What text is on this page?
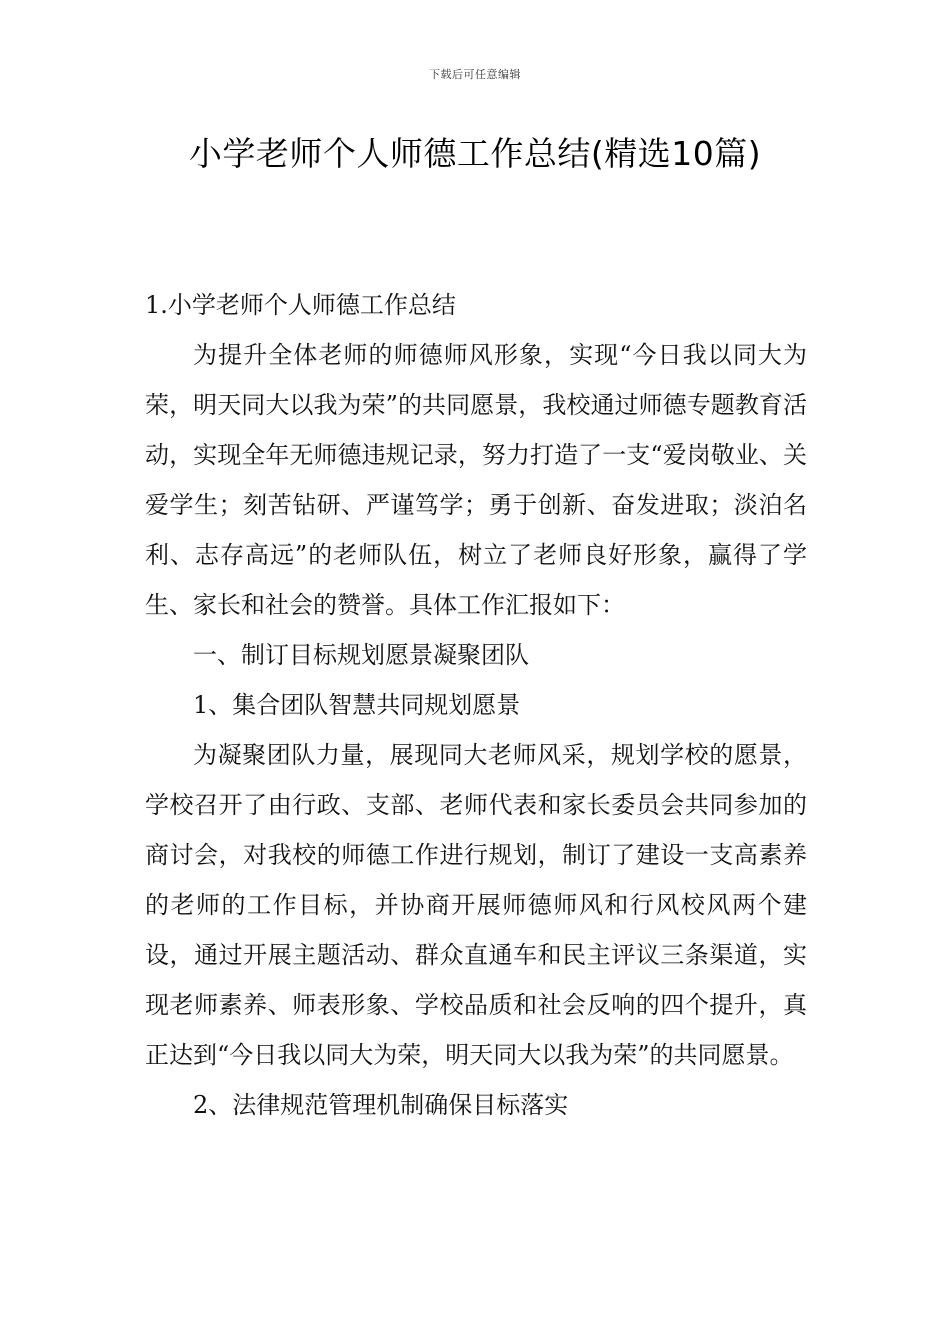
下载后可任意编辑
小学老师个人师德工作总结(精选10篇)

1.小学老师个人师德工作总结

为提升全体老师的师德师风形象，实现“今日我以同大为荣，明天同大以我为荣”的共同愿景，我校通过师德专题教育活动，实现全年无师德违规记录，努力打造了一支“爱岗敬业、关爱学生；刻苦钻研、严谨笃学；勇于创新、奋发进取；淡泊名利、志存高远”的老师队伍，树立了老师良好形象，赢得了学生、家长和社会的赞誉。具体工作汇报如下：

一、制订目标规划愿景凝聚团队

1、集合团队智慧共同规划愿景

为凝聚团队力量，展现同大老师风采，规划学校的愿景，学校召开了由行政、支部、老师代表和家长委员会共同参加的商讨会，对我校的师德工作进行规划，制订了建设一支高素养的老师的工作目标，并协商开展师德师风和行风校风两个建设，通过开展主题活动、群众直通车和民主评议三条渠道，实现老师素养、师表形象、学校品质和社会反响的四个提升，真正达到“今日我以同大为荣，明天同大以我为荣”的共同愿景。

2、法律规范管理机制确保目标落实
